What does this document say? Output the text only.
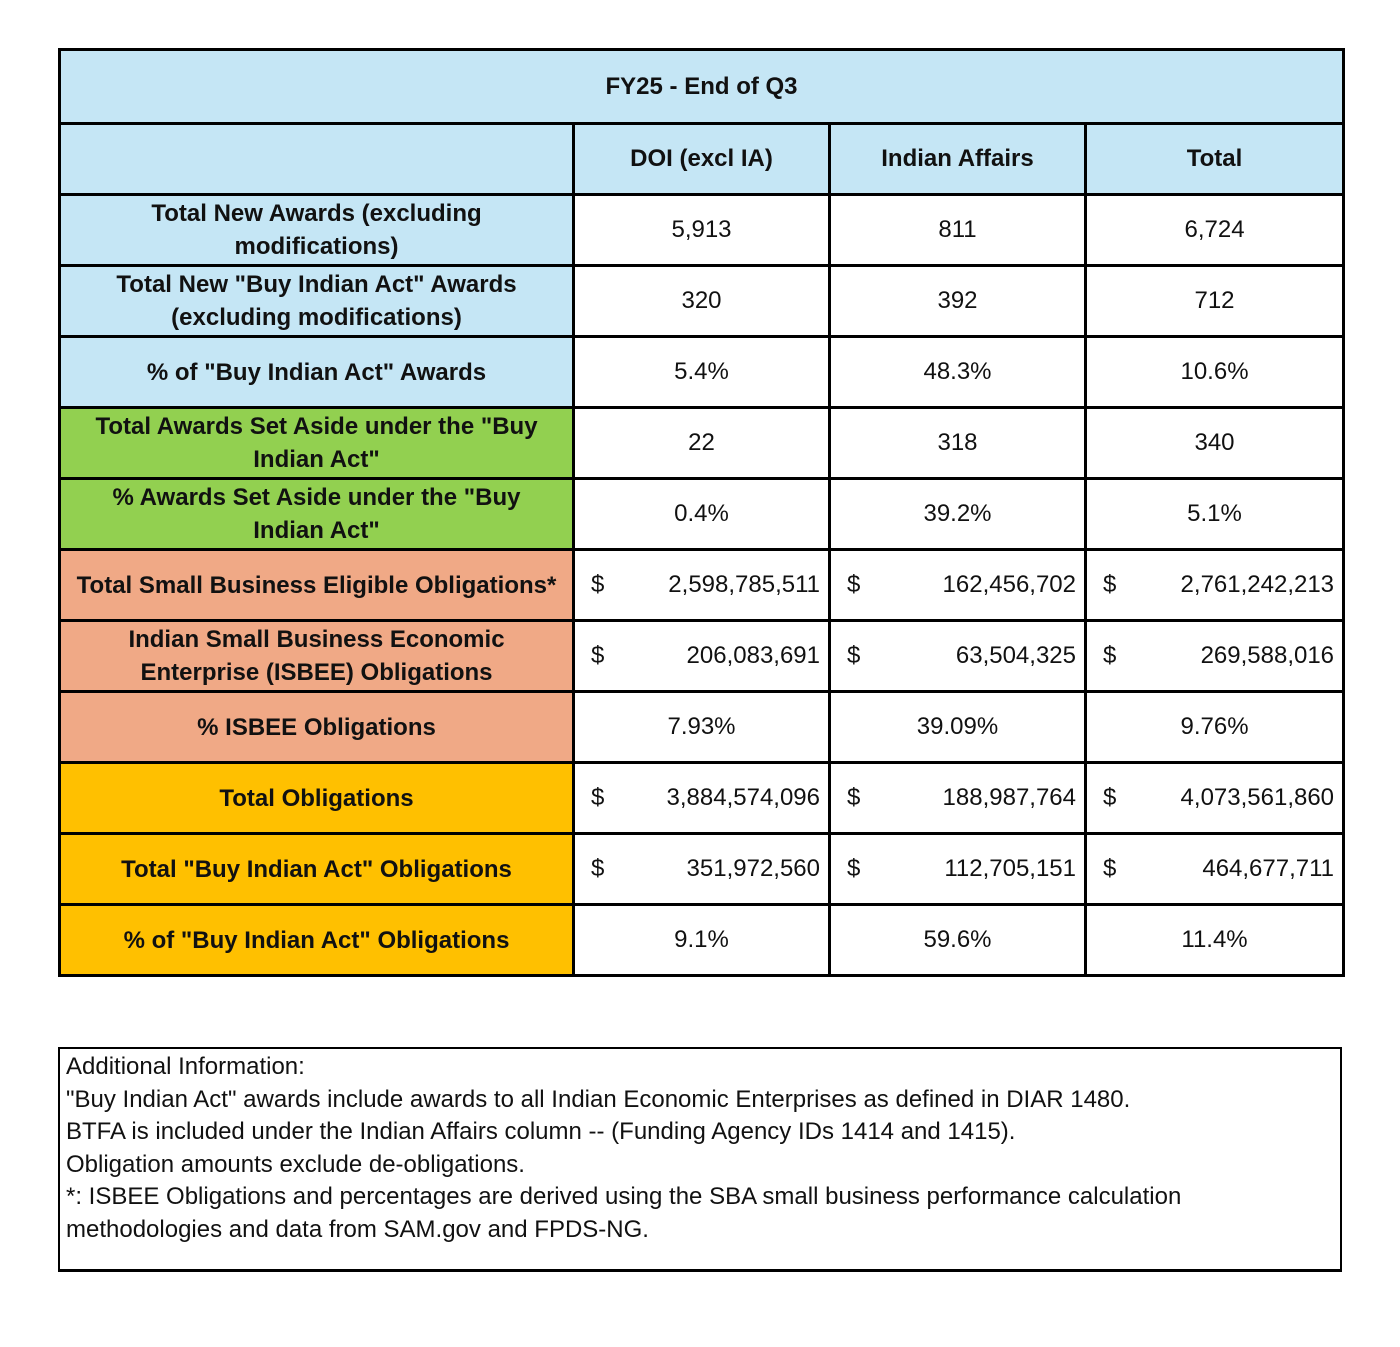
FY25 - End of Q3			
	DOI (excl IA)	Indian Affairs	Total
Total New Awards (excluding modifications)	5,913	811	6,724
Total New "Buy Indian Act" Awards (excluding modifications)	320	392	712
% of "Buy Indian Act" Awards	5.4%	48.3%	10.6%
Total Awards Set Aside under the "Buy Indian Act"	22	318	340
% Awards Set Aside under the "Buy Indian Act"	0.4%	39.2%	5.1%
Total Small Business Eligible Obligations*	$ 2,598,785,511	$ 162,456,702	$ 2,761,242,213

Indian Small Business Economic Enterprise (ISBEE) Obligations	$ 206,083,691	$ 63,504,325	$ 269,588,016

% ISBEE Obligations	7.93%	39.09%	9.76%
Total Obligations	$ 3,884,574,096	$ 188,987,764	$ 4,073,561,860

Total "Buy Indian Act" Obligations	$ 351,972,560	$ 112,705,151	$ 464,677,711

% of "Buy Indian Act" Obligations	9.1%	59.6%	11.4%
Additional Information:
"Buy Indian Act" awards include awards to all Indian Economic Enterprises as defined in DIAR 1480.
BTFA is included under the Indian Affairs column -- (Funding Agency IDs 1414 and 1415).
Obligation amounts exclude de-obligations.
*: ISBEE Obligations and percentages are derived using the SBA small business performance calculation
methodologies and data from SAM.gov and FPDS-NG.
